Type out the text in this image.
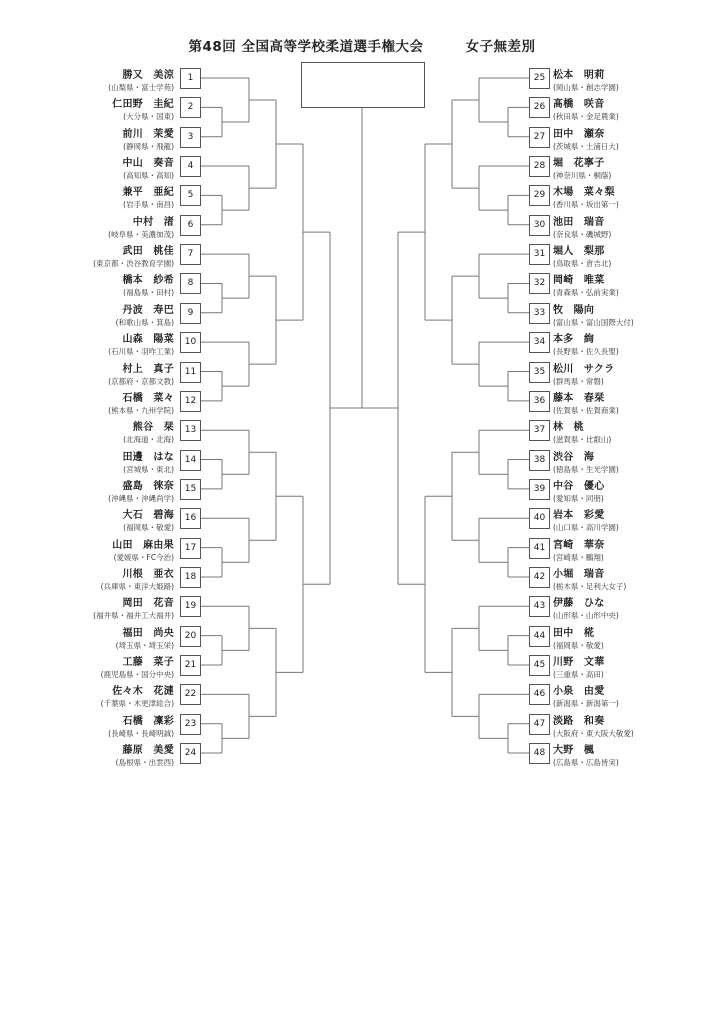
第48回 全国高等学校柔道選手権大会　　　女子無差別
勝又　美涼
(山梨県・富士学苑)
1
仁田野　圭紀
(大分県・国東)
2
前川　茉愛
(静岡県・飛龍)
3
中山　奏音
(高知県・高知)
4
兼平　亜紀
(岩手県・南昌)
5
中村　渚
(岐阜県・美濃加茂)
6
武田　桃佳
(東京都・渋谷教育学園)
7
橋本　紗希
(福島県・田村)
8
丹波　寿巴
(和歌山県・箕島)
9
山森　陽菜
(石川県・羽咋工業)
10
村上　真子
(京都府・京都文教)
11
石橋　菜々
(熊本県・九州学院)
12
熊谷　栞
(北海道・北海)
13
田邊　はな
(宮城県・東北)
14
盛島　徠奈
(沖縄県・沖縄尚学)
15
大石　碧海
(福岡県・敬愛)
16
山田　麻由果
(愛媛県・FC今治)
17
川根　亜衣
(兵庫県・東洋大姫路)
18
岡田　花音
(福井県・福井工大福井)
19
福田　尚央
(埼玉県・埼玉栄)
20
工藤　菜子
(鹿児島県・国分中央)
21
佐々木　花漣
(千葉県・木更津総合)
22
石橋　凜彩
(長崎県・長崎明誠)
23
藤原　美愛
(島根県・出雲西)
24
松本　明莉
(岡山県・創志学園)
25
髙橋　咲音
(秋田県・金足農業)
26
田中　瀬奈
(茨城県・土浦日大)
27
堀　花寧子
(神奈川県・桐蔭)
28
木場　菜々梨
(香川県・坂出第一)
29
池田　瑞音
(奈良県・磯城野)
30
堀人　梨那
(鳥取県・倉吉北)
31
岡崎　唯菜
(青森県・弘前実業)
32
牧　陽向
(富山県・富山国際大付)
33
本多　絢
(長野県・佐久長聖)
34
松川　サクラ
(群馬県・常磐)
35
藤本　春栞
(佐賀県・佐賀商業)
36
林　桃
(滋賀県・比叡山)
37
渋谷　海
(徳島県・生光学園)
38
中谷　優心
(愛知県・同朋)
39
岩本　彩愛
(山口県・高川学園)
40
宮崎　華奈
(宮崎県・鵬翔)
41
小堀　瑞音
(栃木県・足利大女子)
42
伊藤　ひな
(山形県・山形中央)
43
田中　椛
(福岡県・敬愛)
44
川野　文華
(三重県・高田)
45
小泉　由愛
(新潟県・新潟第一)
46
淡路　和奏
(大阪府・東大阪大敬愛)
47
大野　楓
(広島県・広島皆実)
48
